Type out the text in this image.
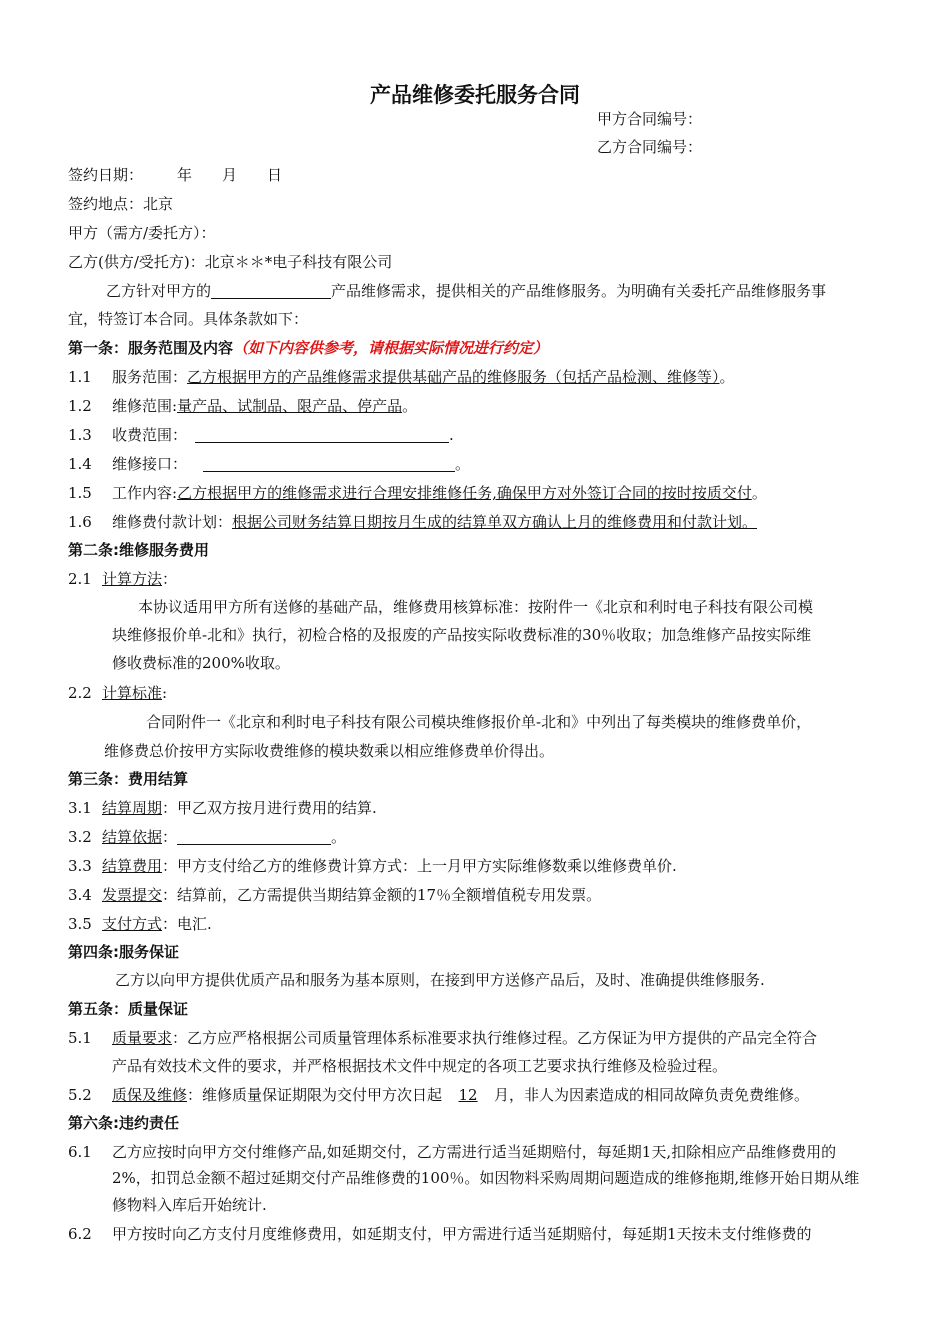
产品维修委托服务合同
甲方合同编号：
乙方合同编号：
签约日期： 年 月 日
签约地点：北京
甲方（需方/委托方）：
乙方(供方/受托方)：北京＊＊*电子科技有限公司
乙方针对甲方的	产品维修需求，提供相关的产品维修服务。为明确有关委托产品维修服务事
宜，特签订本合同。具体条款如下：
第一条：服务范围及内容（如下内容供参考，请根据实际情况进行约定）
1.1 服务范围：乙方根据甲方的产品维修需求提供基础产品的维修服务（包括产品检测、维修等）。
1.2 维修范围:量产品、试制品、限产品、停产品。
1.3 收费范围：	.
1.4 维修接口：	。
1.5 工作内容:乙方根据甲方的维修需求进行合理安排维修任务,确保甲方对外签订合同的按时按质交付。
1.6 维修费付款计划：根据公司财务结算日期按月生成的结算单双方确认上月的维修费用和付款计划。
第二条:维修服务费用
2.1 计算方法：
本协议适用甲方所有送修的基础产品，维修费用核算标准：按附件一《北京和利时电子科技有限公司模
块维修报价单-北和》执行，初检合格的及报废的产品按实际收费标准的30％收取；加急维修产品按实际维
修收费标准的200%收取。
2.2 计算标准:
合同附件一《北京和利时电子科技有限公司模块维修报价单-北和》中列出了每类模块的维修费单价，
维修费总价按甲方实际收费维修的模块数乘以相应维修费单价得出。
第三条：费用结算
3.1 结算周期：甲乙双方按月进行费用的结算.
3.2 结算依据：	。
3.3 结算费用：甲方支付给乙方的维修费计算方式：上一月甲方实际维修数乘以维修费单价.
3.4 发票提交：结算前，乙方需提供当期结算金额的17％全额增值税专用发票。
3.5 支付方式：电汇.
第四条:服务保证
乙方以向甲方提供优质产品和服务为基本原则，在接到甲方送修产品后，及时、准确提供维修服务.
第五条：质量保证
5.1 质量要求：乙方应严格根据公司质量管理体系标准要求执行维修过程。乙方保证为甲方提供的产品完全符合
产品有效技术文件的要求，并严格根据技术文件中规定的各项工艺要求执行维修及检验过程。
5.2 质保及维修：维修质量保证期限为交付甲方次日起 12 月，非人为因素造成的相同故障负责免费维修。
第六条:违约责任
6.1 乙方应按时向甲方交付维修产品,如延期交付，乙方需进行适当延期赔付，每延期1天,扣除相应产品维修费用的
2%，扣罚总金额不超过延期交付产品维修费的100％。如因物料采购周期问题造成的维修拖期,维修开始日期从维
修物料入库后开始统计.
6.2 甲方按时向乙方支付月度维修费用，如延期支付，甲方需进行适当延期赔付，每延期1天按未支付维修费的
